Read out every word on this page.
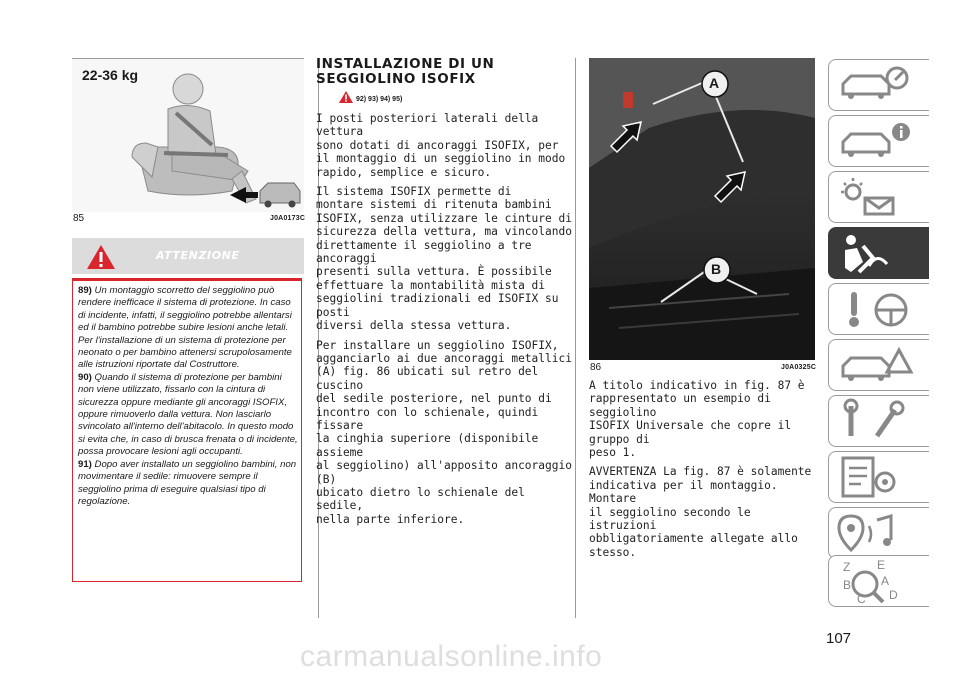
22-36 kg
85	J0A0173C
ATTENZIONE

89) Un montaggio scorretto del seggiolino può rendere inefficace il sistema di protezione. In caso di incidente, infatti, il seggiolino potrebbe allentarsi ed il bambino potrebbe subire lesioni anche letali. Per l'installazione di un sistema di protezione per neonato o per bambino attenersi scrupolosamente alle istruzioni riportate dal Costruttore.

90) Quando il sistema di protezione per bambini non viene utilizzato, fissarlo con la cintura di sicurezza oppure mediante gli ancoraggi ISOFIX, oppure rimuoverlo dalla vettura. Non lasciarlo svincolato all'interno dell'abitacolo. In questo modo si evita che, in caso di brusca frenata o di incidente, possa provocare lesioni agli occupanti.

91) Dopo aver installato un seggiolino bambini, non movimentare il sedile: rimuovere sempre il seggiolino prima di eseguire qualsiasi tipo di regolazione.

INSTALLAZIONE DI UN
SEGGIOLINO ISOFIX
92) 93) 94) 95)

I posti posteriori laterali della vettura
sono dotati di ancoraggi ISOFIX, per
il montaggio di un seggiolino in modo
rapido, semplice e sicuro.

Il sistema ISOFIX permette di
montare sistemi di ritenuta bambini
ISOFIX, senza utilizzare le cinture di
sicurezza della vettura, ma vincolando
direttamente il seggiolino a tre ancoraggi
presenti sulla vettura. È possibile
effettuare la montabilità mista di
seggiolini tradizionali ed ISOFIX su posti
diversi della stessa vettura.

Per installare un seggiolino ISOFIX,
agganciarlo ai due ancoraggi metallici
(A) fig. 86 ubicati sul retro del cuscino
del sedile posteriore, nel punto di
incontro con lo schienale, quindi fissare
la cinghia superiore (disponibile assieme
al seggiolino) all'apposito ancoraggio (B)
ubicato dietro lo schienale del sedile,
nella parte inferiore.

A
B
86	J0A0325C

A titolo indicativo in fig. 87 è
rappresentato un esempio di seggiolino
ISOFIX Universale che copre il gruppo di
peso 1.

AVVERTENZA La fig. 87 è solamente
indicativa per il montaggio. Montare
il seggiolino secondo le istruzioni
obbligatoriamente allegate allo stesso.

Z E
B A
C D
107
carmanualsonline.info
